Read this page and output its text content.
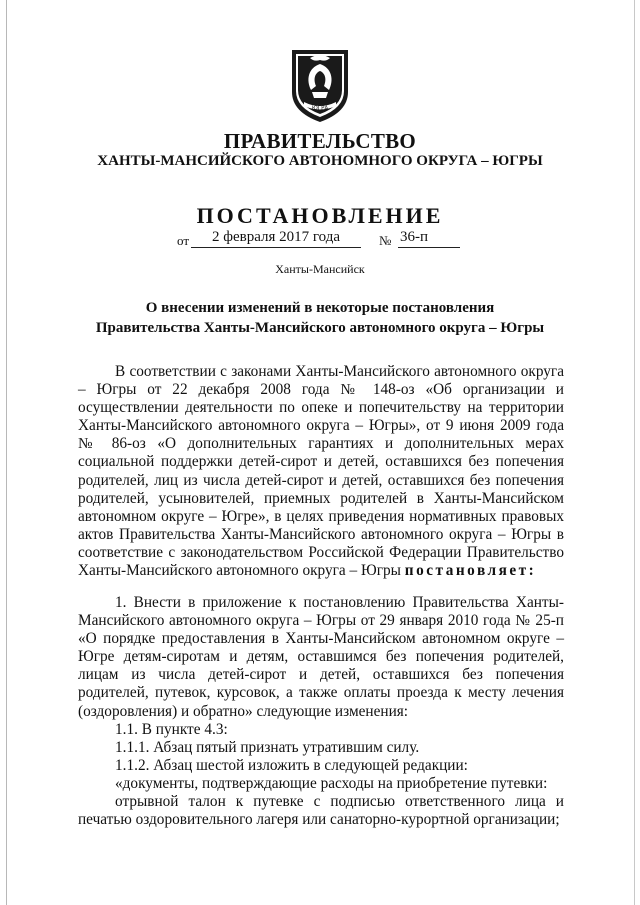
ЮГРА
ПРАВИТЕЛЬСТВО
ХАНТЫ-МАНСИЙСКОГО АВТОНОМНОГО ОКРУГА – ЮГРЫ
ПОСТАНОВЛЕНИЕ
от	2 февраля 2017 года	№ 36-п
Ханты-Мансийск
О внесении изменений в некоторые постановления
Правительства Ханты-Мансийского автономного округа – Югры

В соответствии с законами Ханты-Мансийского автономного округа – Югры от 22 декабря 2008 года № 148-оз «Об организации и осуществлении деятельности по опеке и попечительству на территории Ханты-Мансийского автономного округа – Югры», от 9 июня 2009 года № 86-оз «О дополнительных гарантиях и дополнительных мерах социальной поддержки детей-сирот и детей, оставшихся без попечения родителей, лиц из числа детей-сирот и детей, оставшихся без попечения родителей, усыновителей, приемных родителей в Ханты-Мансийском автономном округе – Югре», в целях приведения нормативных правовых актов Правительства Ханты-Мансийского автономного округа – Югры в соответствие с законодательством Российской Федерации Правительство Ханты-Мансийского автономного округа – Югры постановляет:

1. Внести в приложение к постановлению Правительства Ханты-Мансийского автономного округа – Югры от 29 января 2010 года № 25-п «О порядке предоставления в Ханты-Мансийском автономном округе – Югре детям-сиротам и детям, оставшимся без попечения родителей, лицам из числа детей-сирот и детей, оставшихся без попечения родителей, путевок, курсовок, а также оплаты проезда к месту лечения (оздоровления) и обратно» следующие изменения:

1.1. В пункте 4.3:

1.1.1. Абзац пятый признать утратившим силу.

1.1.2. Абзац шестой изложить в следующей редакции:

«документы, подтверждающие расходы на приобретение путевки:

отрывной талон к путевке с подписью ответственного лица и печатью оздоровительного лагеря или санаторно-курортной организации;
